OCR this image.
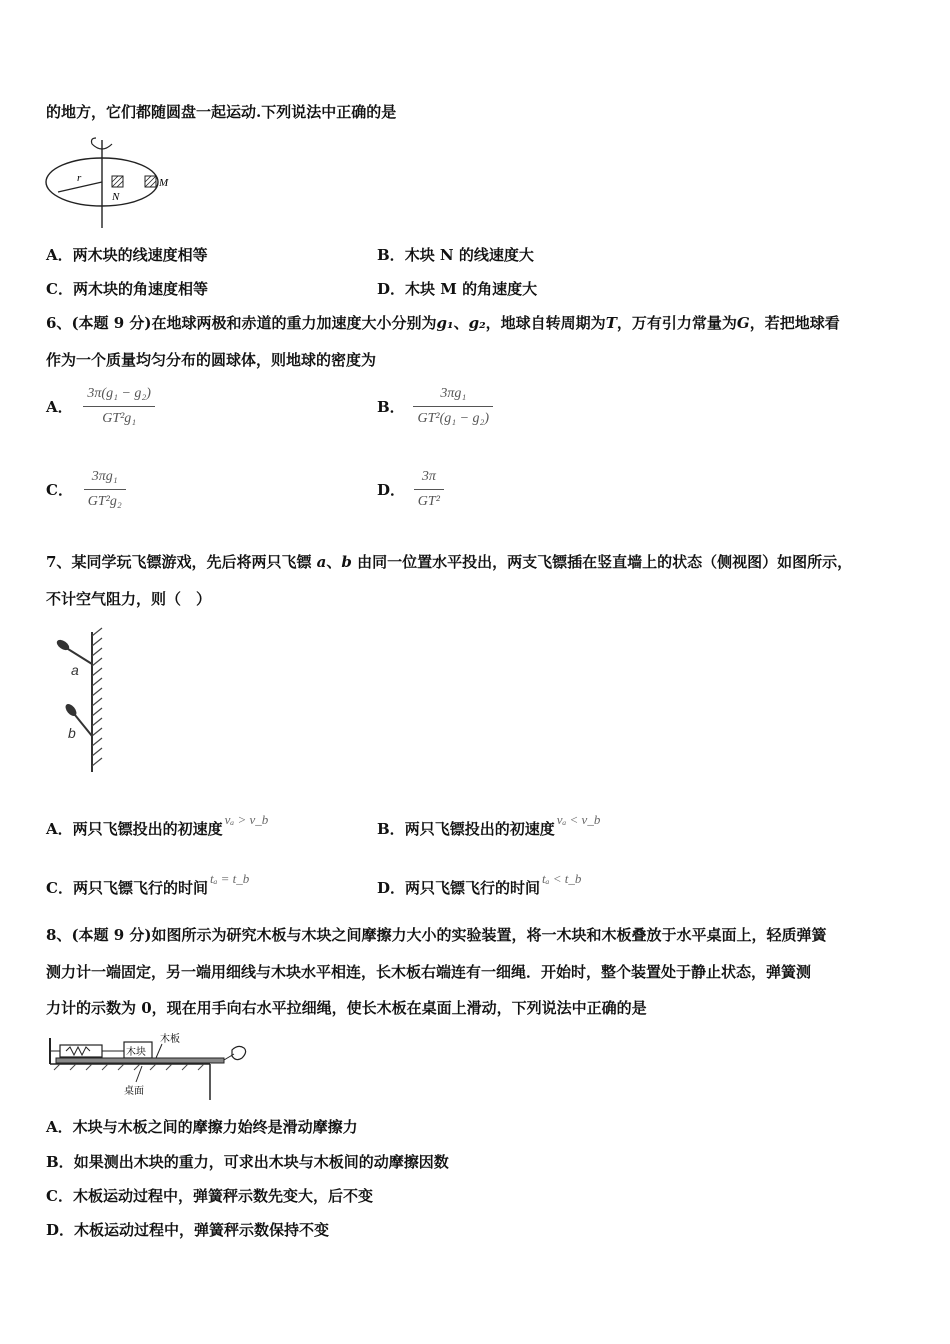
的地方，它们都随圆盘一起运动.下列说法中正确的是
r
N
M
A．两木块的线速度相等	B．木块 N 的线速度大
C．两木块的角速度相等	D．木块 M 的角速度大
6、(本题 9 分)在地球两极和赤道的重力加速度大小分别为g₁、g₂，地球自转周期为T，万有引力常量为G，若把地球看
作为一个质量均匀分布的圆球体，则地球的密度为
A． $\frac{\text{3π(g₁ − g₂)}}{\text{GT²g₁}}$	B． $\frac{\text{3πg₁}}{\text{GT²(g₁ − g₂)}}$
C． $\frac{\text{3πg₁}}{\text{GT²g₂}}$	D． $\frac{3\pi}{\text{GT²}}$
7、某同学玩飞镖游戏，先后将两只飞镖 a、b 由同一位置水平投出，两支飞镖插在竖直墙上的状态（侧视图）如图所示，
不计空气阻力，则（　）
a
b
A．两只飞镖投出的初速度vₐ > v_b
B．两只飞镖投出的初速度vₐ < v_b
C．两只飞镖飞行的时间tₐ = t_b
D．两只飞镖飞行的时间tₐ < t_b
8、(本题 9 分)如图所示为研究木板与木块之间摩擦力大小的实验装置，将一木块和木板叠放于水平桌面上，轻质弹簧
测力计一端固定，另一端用细线与木块水平相连，长木板右端连有一细绳．开始时，整个装置处于静止状态，弹簧测
力计的示数为 0，现在用手向右水平拉细绳，使长木板在桌面上滑动，下列说法中正确的是
木块
木板
桌面
A．木块与木板之间的摩擦力始终是滑动摩擦力
B．如果测出木块的重力，可求出木块与木板间的动摩擦因数
C．木板运动过程中，弹簧秤示数先变大，后不变
D．木板运动过程中，弹簧秤示数保持不变
